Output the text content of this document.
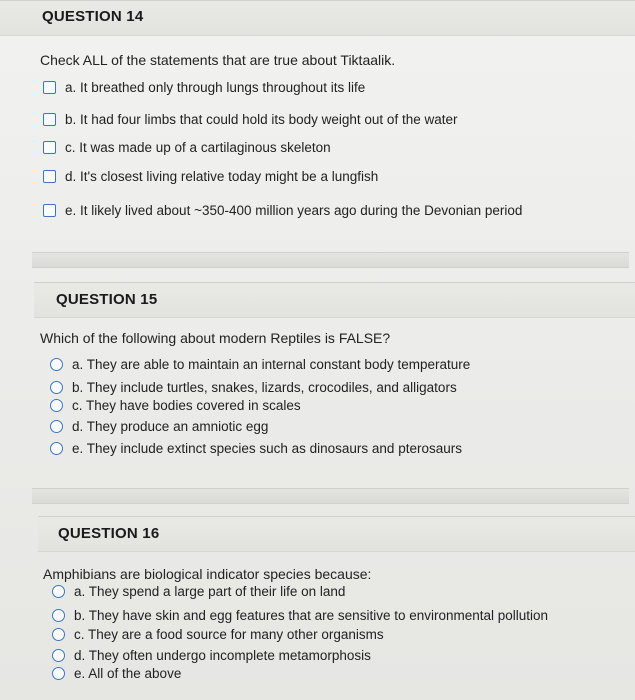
QUESTION 14
Check ALL of the statements that are true about Tiktaalik.
a. It breathed only through lungs throughout its life
b. It had four limbs that could hold its body weight out of the water
c. It was made up of a cartilaginous skeleton
d. It's closest living relative today might be a lungfish
e. It likely lived about ~350-400 million years ago during the Devonian period
QUESTION 15
Which of the following about modern Reptiles is FALSE?
a. They are able to maintain an internal constant body temperature
b. They include turtles, snakes, lizards, crocodiles, and alligators
c. They have bodies covered in scales
d. They produce an amniotic egg
e. They include extinct species such as dinosaurs and pterosaurs
QUESTION 16
Amphibians are biological indicator species because:
a. They spend a large part of their life on land
b. They have skin and egg features that are sensitive to environmental pollution
c. They are a food source for many other organisms
d. They often undergo incomplete metamorphosis
e. All of the above
